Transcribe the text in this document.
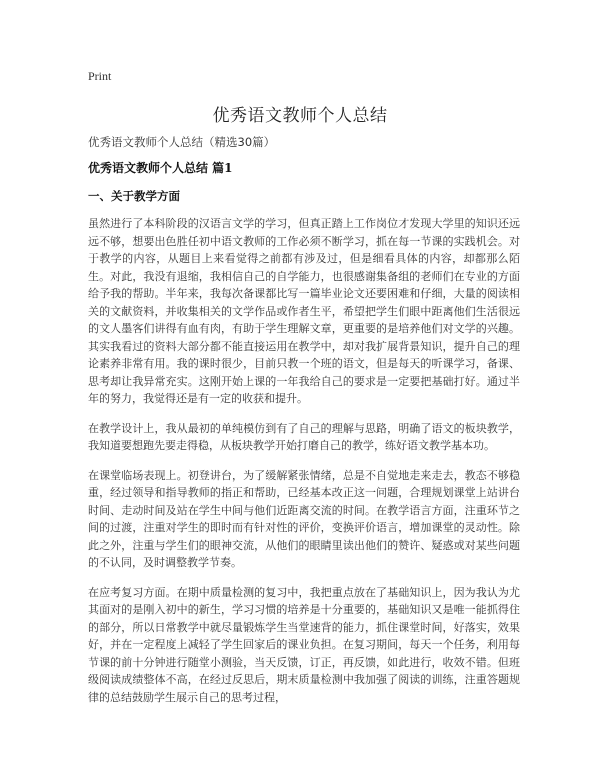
Print
优秀语文教师个人总结

优秀语文教师个人总结（精选30篇）

优秀语文教师个人总结 篇1

一、关于教学方面

虽然进行了本科阶段的汉语言文学的学习，但真正踏上工作岗位才发现大学里的知识还远远不够，想要出色胜任初中语文教师的工作必须不断学习，抓在每一节课的实践机会。对于教学的内容，从题目上来看觉得之前都有涉及过，但是细看具体的内容，却都那么陌生。对此，我没有退缩，我相信自己的自学能力，也很感谢集备组的老师们在专业的方面给予我的帮助。半年来，我每次备课都比写一篇毕业论文还要困难和仔细，大量的阅读相关的文献资料，并收集相关的文学作品或作者生平，希望把学生们眼中距离他们生活很远的文人墨客们讲得有血有肉，有助于学生理解文章，更重要的是培养他们对文学的兴趣。其实我看过的资料大部分都不能直接运用在教学中，却对我扩展背景知识，提升自己的理论素养非常有用。我的课时很少，目前只教一个班的语文，但是每天的听课学习，备课、思考却让我异常充实。这刚开始上课的一年我给自己的要求是一定要把基础打好。通过半年的努力，我觉得还是有一定的收获和提升。

在教学设计上，我从最初的单纯模仿到有了自己的理解与思路，明确了语文的板块教学，我知道要想跑先要走得稳，从板块教学开始打磨自己的教学，练好语文教学基本功。

在课堂临场表现上。初登讲台，为了缓解紧张情绪，总是不自觉地走来走去，教态不够稳重，经过领导和指导教师的指正和帮助，已经基本改正这一问题，合理规划课堂上站讲台时间、走动时间及站在学生中间与他们近距离交流的时间。在教学语言方面，注重环节之间的过渡，注重对学生的即时而有针对性的评价，变换评价语言，增加课堂的灵动性。除此之外，注重与学生们的眼神交流，从他们的眼睛里读出他们的赞许、疑惑或对某些问题的不认同，及时调整教学节奏。

在应考复习方面。在期中质量检测的复习中，我把重点放在了基础知识上，因为我认为尤其面对的是刚入初中的新生，学习习惯的培养是十分重要的，基础知识又是唯一能抓得住的部分，所以日常教学中就尽量锻炼学生当堂速背的能力，抓住课堂时间，好落实，效果好，并在一定程度上减轻了学生回家后的课业负担。在复习期间，每天一个任务，利用每节课的前十分钟进行随堂小测验，当天反馈，订正，再反馈，如此进行，收效不错。但班级阅读成绩整体不高，在经过反思后，期末质量检测中我加强了阅读的训练，注重答题规律的总结鼓励学生展示自己的思考过程，
